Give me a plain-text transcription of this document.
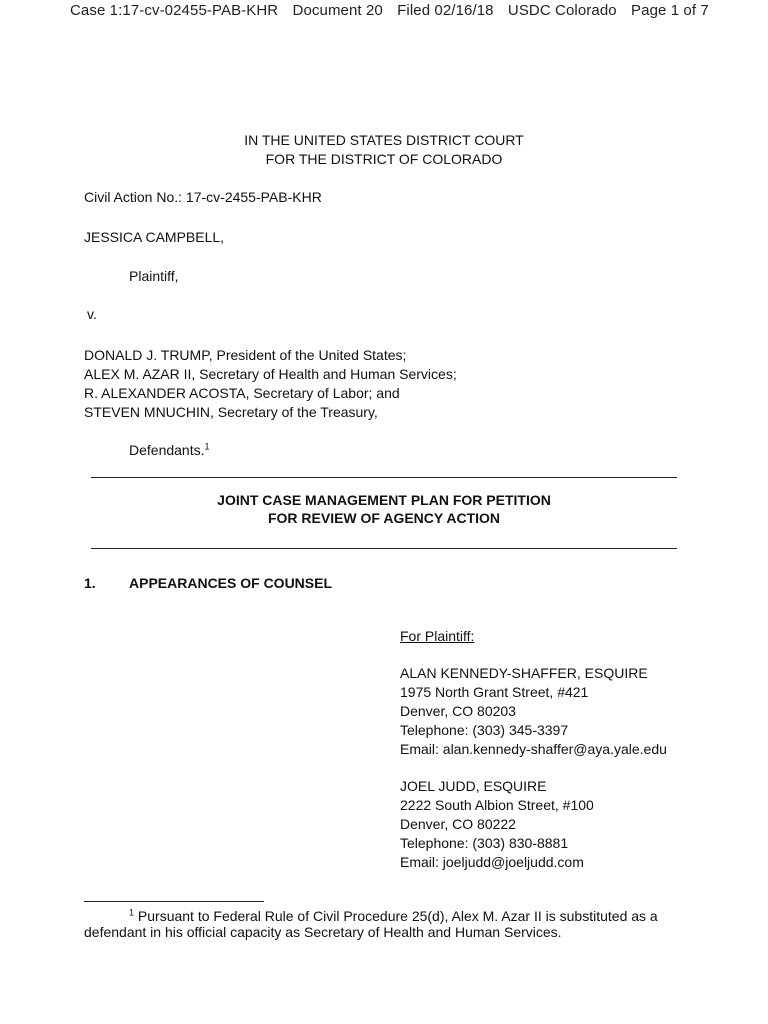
Case 1:17-cv-02455-PAB-KHR Document 20 Filed 02/16/18 USDC Colorado Page 1 of 7
IN THE UNITED STATES DISTRICT COURT
FOR THE DISTRICT OF COLORADO
Civil Action No.: 17-cv-2455-PAB-KHR
JESSICA CAMPBELL,
Plaintiff,
v.
DONALD J. TRUMP, President of the United States;
ALEX M. AZAR II, Secretary of Health and Human Services;
R. ALEXANDER ACOSTA, Secretary of Labor; and
STEVEN MNUCHIN, Secretary of the Treasury,
Defendants.$^1$
JOINT CASE MANAGEMENT PLAN FOR PETITION
FOR REVIEW OF AGENCY ACTION
1. APPEARANCES OF COUNSEL
For Plaintiff:
ALAN KENNEDY-SHAFFER, ESQUIRE
1975 North Grant Street, #421
Denver, CO 80203
Telephone: (303) 345-3397
Email: alan.kennedy-shaffer@aya.yale.edu
JOEL JUDD, ESQUIRE
2222 South Albion Street, #100
Denver, CO 80222
Telephone: (303) 830-8881
Email: joeljudd@joeljudd.com
$^1$ Pursuant to Federal Rule of Civil Procedure 25(d), Alex M. Azar II is substituted as a defendant in his official capacity as Secretary of Health and Human Services.
